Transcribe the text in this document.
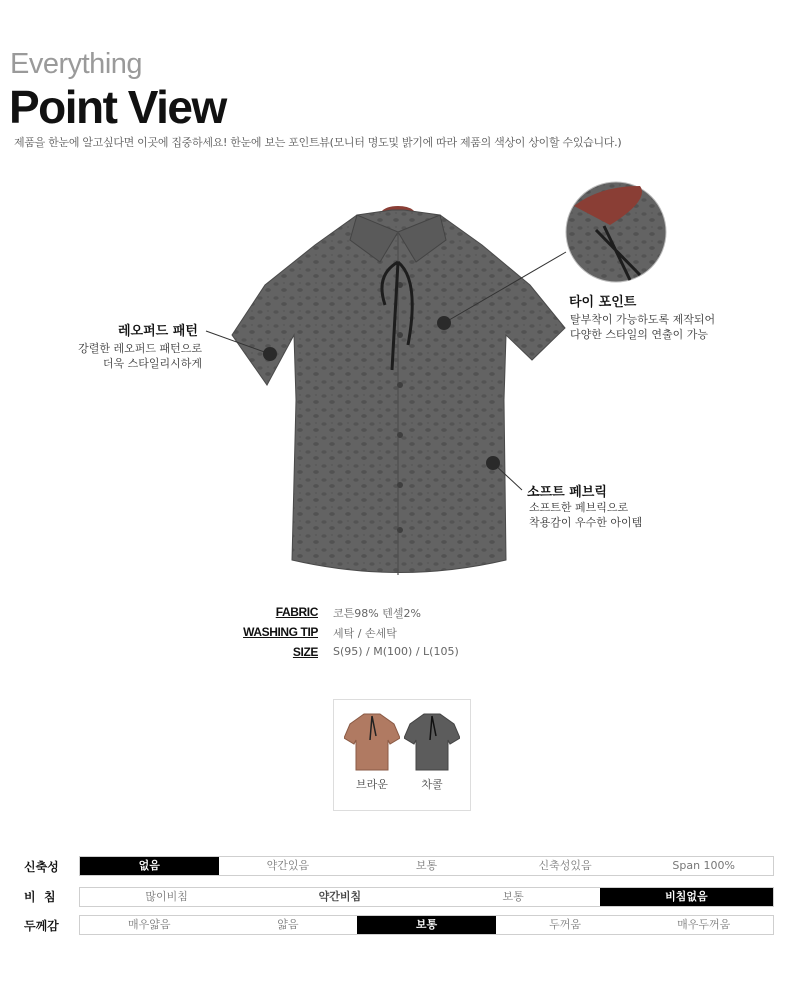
Everything
Point View
제품을 한눈에 알고싶다면 이곳에 집중하세요! 한눈에 보는 포인트뷰(모니터 명도및 밝기에 따라 제품의 색상이 상이할 수있습니다.)
레오퍼드 패턴
강렬한 레오퍼드 패턴으로
더욱 스타일리시하게
타이 포인트
탈부착이 가능하도록 제작되어
다양한 스타일의 연출이 가능
소프트 페브릭
소프트한 페브릭으로
착용감이 우수한 아이템
FABRIC 코튼98% 텐셀2%
WASHING TIP 세탁 / 손세탁
SIZE S(95) / M(100) / L(105)
브라운	차콜
신축성	없음	약간있음	보통	신축성있음	Span 100%
비  침	많이비침	약간비침	보통	비침없음
두께감	매우얇음	얇음	보통	두꺼움	매우두꺼움
